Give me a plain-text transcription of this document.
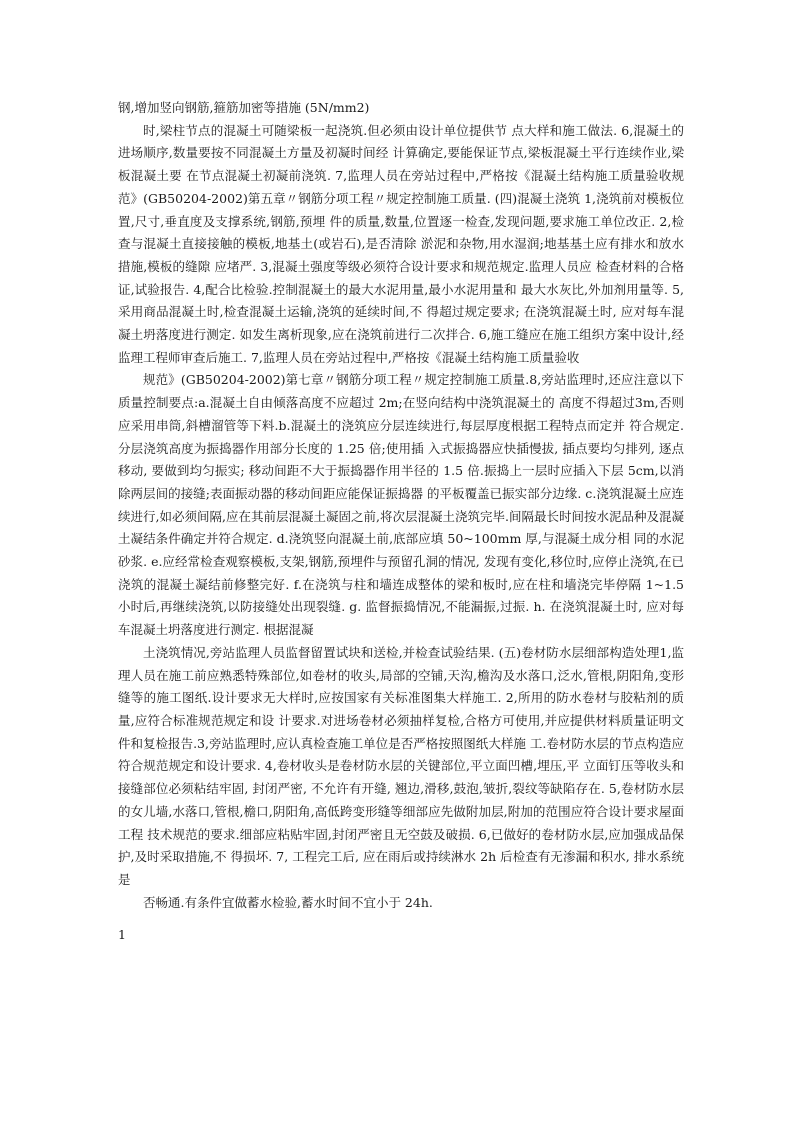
钢,增加竖向钢筋,箍筋加密等措施 (5N/mm2)

时,梁柱节点的混凝土可随梁板一起浇筑.但必须由设计单位提供节 点大样和施工做法. 6,混凝土的进场顺序,数量要按不同混凝土方量及初凝时间经 计算确定,要能保证节点,梁板混凝土平行连续作业,梁板混凝土要 在节点混凝土初凝前浇筑. 7,监理人员在旁站过程中,严格按《混凝土结构施工质量验收规范》(GB50204-2002)第五章〃钢筋分项工程〃规定控制施工质量. (四)混凝土浇筑 1,浇筑前对模板位置,尺寸,垂直度及支撑系统,钢筋,预埋 件的质量,数量,位置逐一检查,发现问题,要求施工单位改正. 2,检查与混凝土直接接触的模板,地基土(或岩石),是否清除 淤泥和杂物,用水湿润;地基基土应有排水和放水措施,模板的缝隙 应堵严. 3,混凝土强度等级必须符合设计要求和规范规定.监理人员应 检查材料的合格证,试验报告. 4,配合比检验.控制混凝土的最大水泥用量,最小水泥用量和 最大水灰比,外加剂用量等. 5,采用商品混凝土时,检查混凝土运输,浇筑的延续时间,不 得超过规定要求; 在浇筑混凝土时, 应对每车混凝土坍落度进行测定. 如发生离析现象,应在浇筑前进行二次拌合. 6,施工缝应在施工组织方案中设计,经监理工程师审查后施工. 7,监理人员在旁站过程中,严格按《混凝土结构施工质量验收

规范》(GB50204-2002)第七章〃钢筋分项工程〃规定控制施工质量.8,旁站监理时,还应注意以下质量控制要点:a.混凝土自由倾落高度不应超过 2m;在竖向结构中浇筑混凝土的 高度不得超过3m,否则应采用串筒,斜槽溜管等下料.b.混凝土的浇筑应分层连续进行,每层厚度根据工程特点而定并 符合规定.分层浇筑高度为振捣器作用部分长度的 1.25 倍;使用插 入式振捣器应快插慢拔, 插点要均匀排列, 逐点移动, 要做到均匀振实; 移动间距不大于振捣器作用半径的 1.5 倍.振捣上一层时应插入下层 5cm,以消除两层间的接缝;表面振动器的移动间距应能保证振捣器 的平板覆盖已振实部分边缘. c.浇筑混凝土应连续进行,如必须间隔,应在其前层混凝土凝固之前,将次层混凝土浇筑完毕.间隔最长时间按水泥品种及混凝土凝结条件确定并符合规定. d.浇筑竖向混凝土前,底部应填 50~100mm 厚,与混凝土成分相 同的水泥砂浆. e.应经常检查观察模板,支架,钢筋,预埋件与预留孔洞的情况, 发现有变化,移位时,应停止浇筑,在已浇筑的混凝土凝结前修整完好. f.在浇筑与柱和墙连成整体的梁和板时,应在柱和墙浇完毕停隔 1~1.5 小时后,再继续浇筑,以防接缝处出现裂缝. g. 监督振捣情况,不能漏振,过振. h. 在浇筑混凝土时, 应对每车混凝土坍落度进行测定. 根据混凝

土浇筑情况,旁站监理人员监督留置试块和送检,并检查试验结果. (五)卷材防水层细部构造处理1,监理人员在施工前应熟悉特殊部位,如卷材的收头,局部的空铺,天沟,檐沟及水落口,泛水,管根,阴阳角,变形缝等的施工图纸.设计要求无大样时,应按国家有关标准图集大样施工. 2,所用的防水卷材与胶粘剂的质量,应符合标准规范规定和设 计要求.对进场卷材必须抽样复检,合格方可使用,并应提供材料质量证明文件和复检报告.3,旁站监理时,应认真检查施工单位是否严格按照图纸大样施 工.卷材防水层的节点构造应符合规范规定和设计要求. 4,卷材收头是卷材防水层的关键部位,平立面凹槽,埋压,平 立面钉压等收头和接缝部位必须粘结牢固, 封闭严密, 不允许有开缝, 翘边,滑移,鼓泡,皱折,裂纹等缺陷存在. 5,卷材防水层的女儿墙,水落口,管根,檐口,阴阳角,高低跨变形缝等细部应先做附加层,附加的范围应符合设计要求屋面工程 技术规范的要求.细部应粘贴牢固,封闭严密且无空鼓及破损. 6,已做好的卷材防水层,应加强成品保护,及时采取措施,不 得损坏. 7, 工程完工后, 应在雨后或持续淋水 2h 后检查有无渗漏和积水, 排水系统是

否畅通.有条件宜做蓄水检验,蓄水时间不宜小于 24h.

1
